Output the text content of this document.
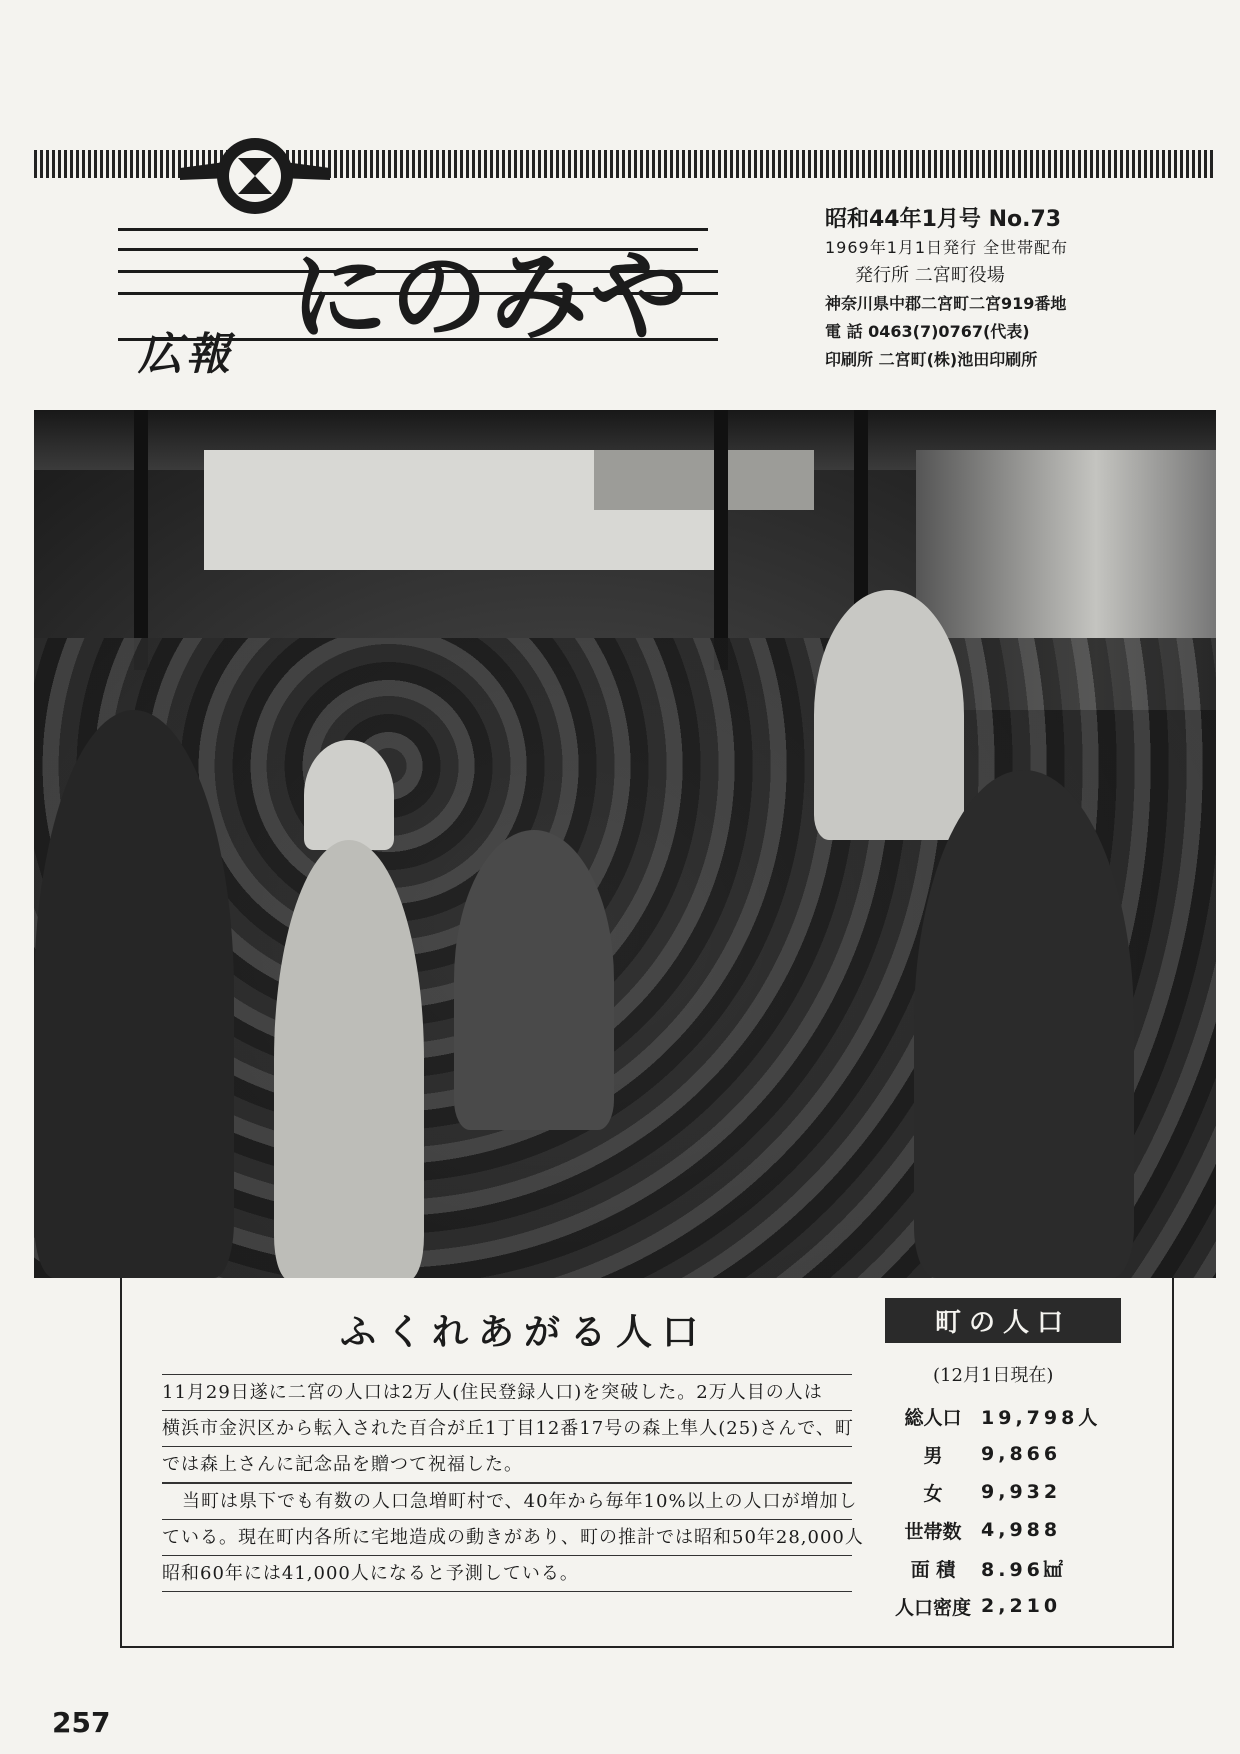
広報
にのみや
昭和44年1月号 No.73
1969年1月1日発行 全世帯配布
発行所 二宮町役場
神奈川県中郡二宮町二宮919番地
電 話 0463(7)0767(代表)
印刷所 二宮町(株)池田印刷所
ふくれあがる人口

11月29日遂に二宮の人口は2万人(住民登録人口)を突破した。2万人目の人は
横浜市金沢区から転入された百合が丘1丁目12番17号の森上隼人(25)さんで、町
では森上さんに記念品を贈つて祝福した。

当町は県下でも有数の人口急増町村で、40年から毎年10%以上の人口が増加し
ている。現在町内各所に宅地造成の動きがあり、町の推計では昭和50年28,000人
昭和60年には41,000人になると予測している。

町の人口
(12月1日現在)
総人口	19,798人
男	9,866
女	9,932
世帯数	4,988
面 積	8.96㎢
人口密度 2,210
257
